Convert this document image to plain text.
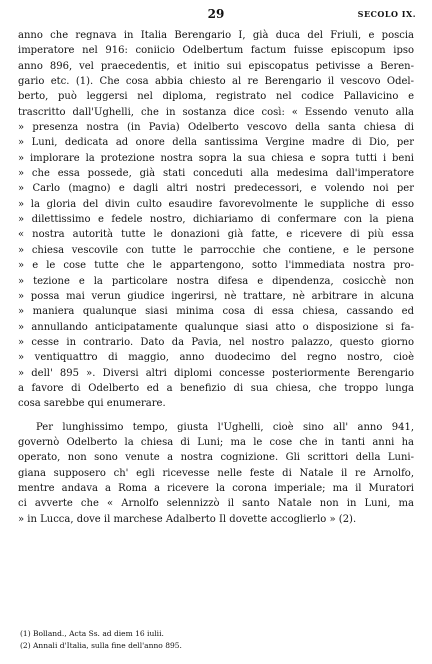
29	SECOLO IX.
anno che regnava in Italia Berengario I, già duca del Friuli, e poscia
imperatore nel 916: coniicio Odelbertum factum fuisse episcopum ipso
anno 896, vel praecedentis, et initio sui episcopatus petivisse a Beren-
gario etc. (1). Che cosa abbia chiesto al re Berengario il vescovo Odel-
berto, può leggersi nel diploma, registrato nel codice Pallavicino e
trascritto dall'Ughelli, che in sostanza dice così: « Essendo venuto alla
» presenza nostra (in Pavia) Odelberto vescovo della santa chiesa di
» Luni, dedicata ad onore della santissima Vergine madre di Dio, per
» implorare la protezione nostra sopra la sua chiesa e sopra tutti i beni
» che essa possede, già stati conceduti alla medesima dall'imperatore
» Carlo (magno) e dagli altri nostri predecessori, e volendo noi per
» la gloria del divin culto esaudire favorevolmente le suppliche di esso
» dilettissimo e fedele nostro, dichiariamo di confermare con la piena
« nostra autorità tutte le donazioni già fatte, e ricevere di più essa
» chiesa vescovile con tutte le parrocchie che contiene, e le persone
» e le cose tutte che le appartengono, sotto l'immediata nostra pro-
» tezione e la particolare nostra difesa e dipendenza, cosicchè non
» possa mai verun giudice ingerirsi, nè trattare, nè arbitrare in alcuna
» maniera qualunque siasi minima cosa di essa chiesa, cassando ed
» annullando anticipatamente qualunque siasi atto o disposizione si fa-
» cesse in contrario. Dato da Pavia, nel nostro palazzo, questo giorno
» ventiquattro di maggio, anno duodecimo del regno nostro, cioè
» dell' 895 ». Diversi altri diplomi concesse posteriormente Berengario
a favore di Odelberto ed a benefizio di sua chiesa, che troppo lunga
cosa sarebbe qui enumerare.
Per lunghissimo tempo, giusta l'Ughelli, cioè sino all' anno 941,
governò Odelberto la chiesa di Luni; ma le cose che in tanti anni ha
operato, non sono venute a nostra cognizione. Gli scrittori della Luni-
giana supposero ch' egli ricevesse nelle feste di Natale il re Arnolfo,
mentre andava a Roma a ricevere la corona imperiale; ma il Muratori
ci avverte che « Arnolfo selennizzò il santo Natale non in Luni, ma
» in Lucca, dove il marchese Adalberto Il dovette accoglierlo » (2).
(1) Bolland., Acta Ss. ad diem 16 iulii.
(2) Annali d'Italia, sulla fine dell'anno 895.
